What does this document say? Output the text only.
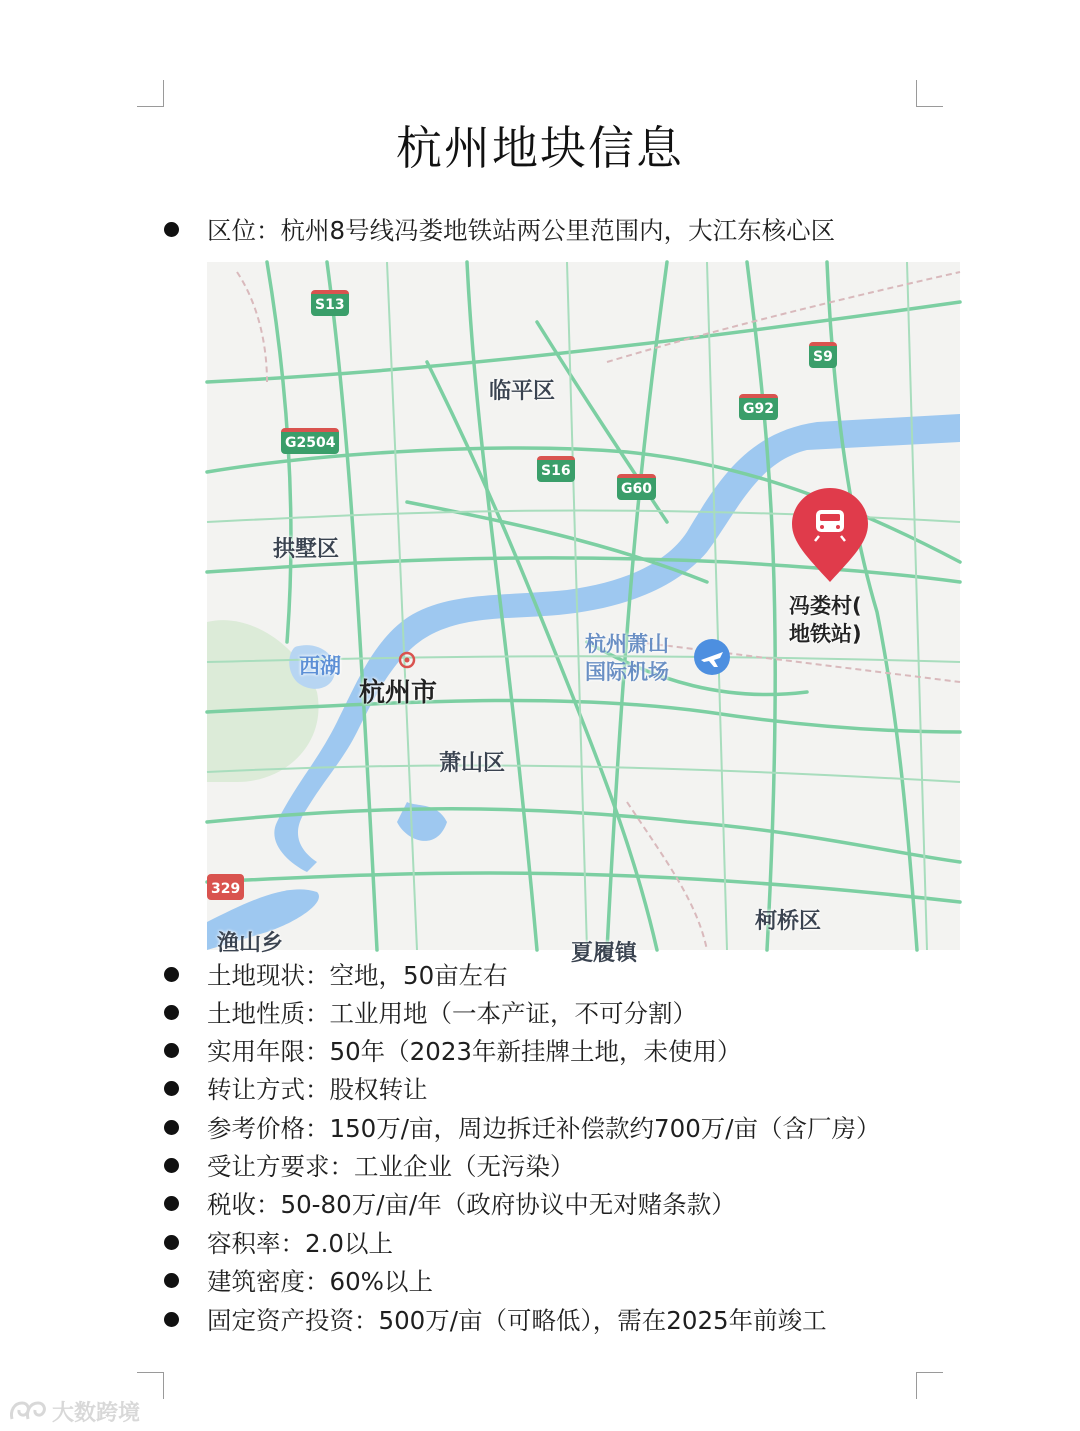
杭州地块信息
区位：杭州8号线冯娄地铁站两公里范围内，大江东核心区
S13
S9
G92
G2504
S16
G60
329
临平区
拱墅区
西湖
杭州市
萧山区
柯桥区
渔山乡	夏履镇
杭州萧山
国际机场
冯娄村(
地铁站)
土地现状：空地，50亩左右
土地性质：工业用地（一本产证，不可分割）
实用年限：50年（2023年新挂牌土地，未使用）
转让方式：股权转让
参考价格：150万/亩，周边拆迁补偿款约700万/亩（含厂房）
受让方要求：工业企业（无污染）
税收：50-80万/亩/年（政府协议中无对赌条款）
容积率：2.0以上
建筑密度：60%以上
固定资产投资：500万/亩（可略低），需在2025年前竣工
大数跨境
